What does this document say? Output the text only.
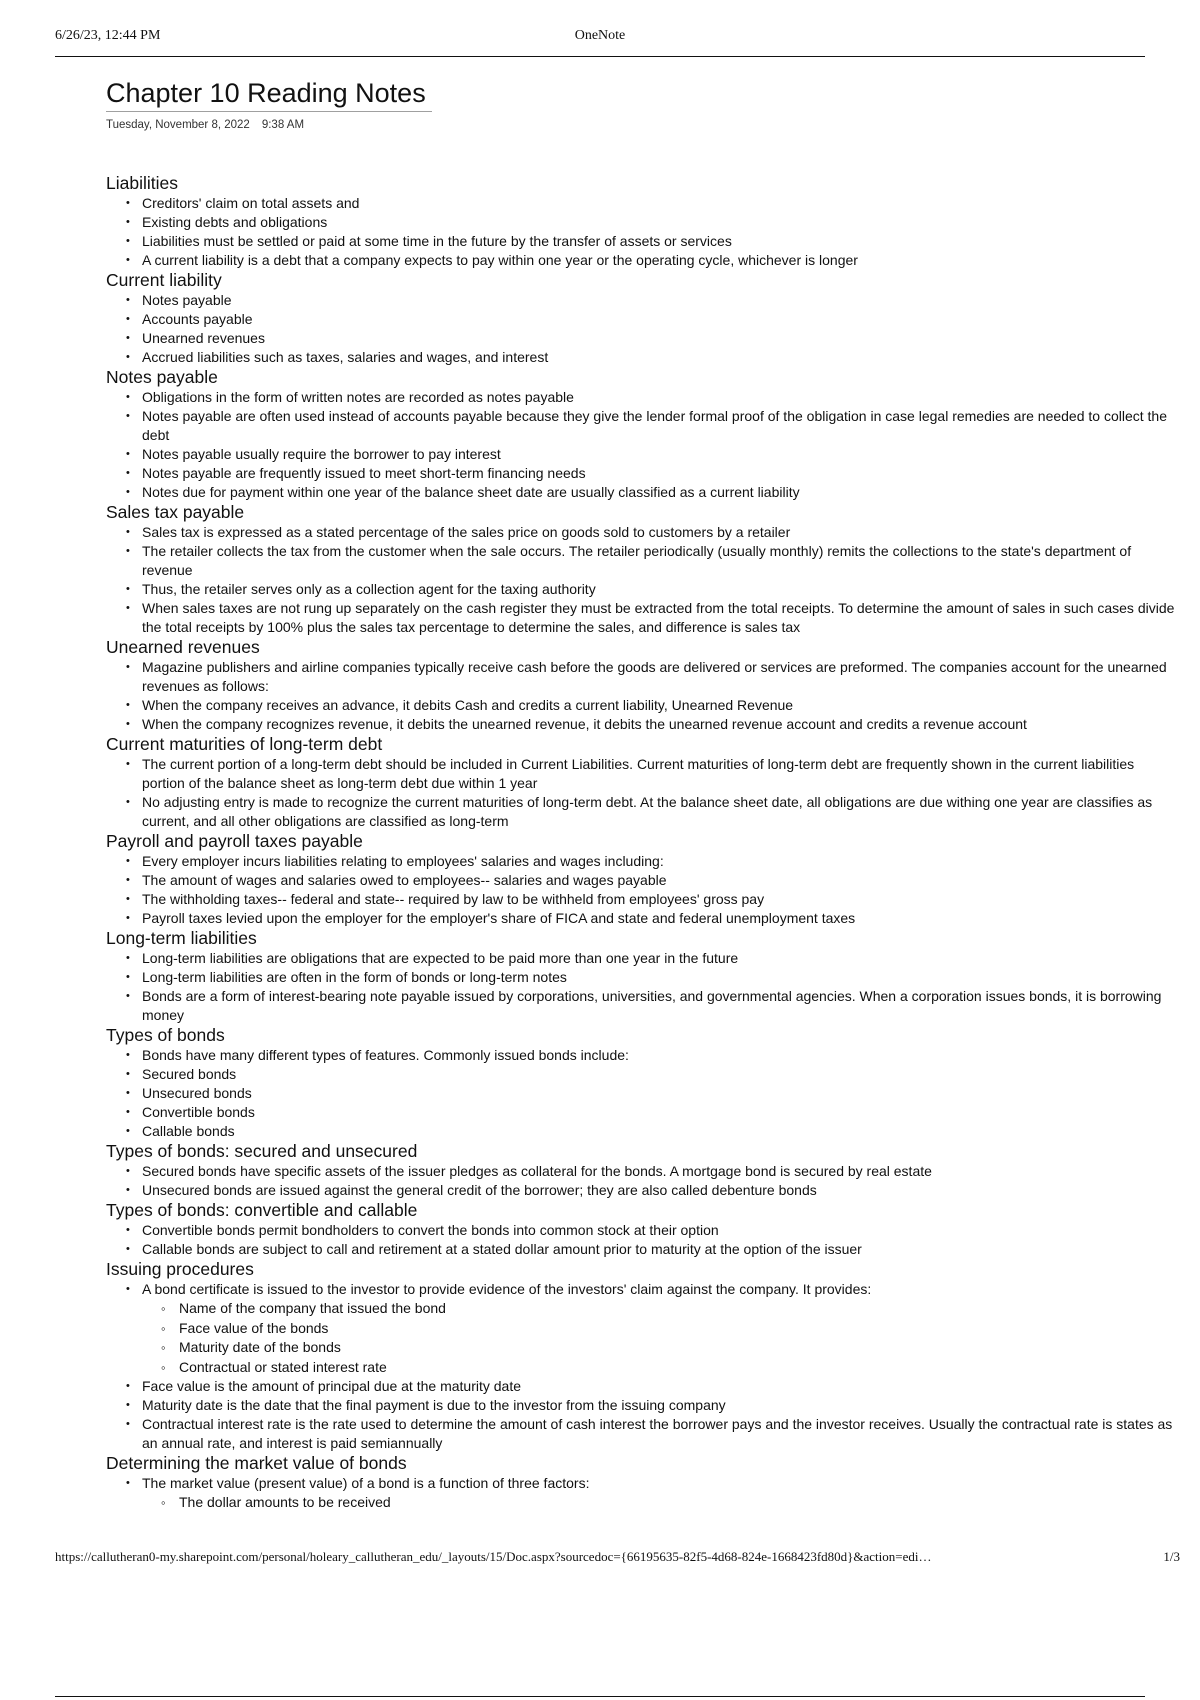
6/26/23, 12:44 PM	OneNote
Chapter 10 Reading Notes
Tuesday, November 8, 2022 9:38 AM
Liabilities
• Creditors' claim on total assets and
• Existing debts and obligations
• Liabilities must be settled or paid at some time in the future by the transfer of assets or services
• A current liability is a debt that a company expects to pay within one year or the operating cycle, whichever is longer
Current liability
• Notes payable
• Accounts payable
• Unearned revenues
• Accrued liabilities such as taxes, salaries and wages, and interest
Notes payable
• Obligations in the form of written notes are recorded as notes payable
• Notes payable are often used instead of accounts payable because they give the lender formal proof of the obligation in case legal remedies are needed to collect the debt
• Notes payable usually require the borrower to pay interest
• Notes payable are frequently issued to meet short-term financing needs
• Notes due for payment within one year of the balance sheet date are usually classified as a current liability
Sales tax payable
• Sales tax is expressed as a stated percentage of the sales price on goods sold to customers by a retailer
• The retailer collects the tax from the customer when the sale occurs. The retailer periodically (usually monthly) remits the collections to the state's department of revenue
• Thus, the retailer serves only as a collection agent for the taxing authority
• When sales taxes are not rung up separately on the cash register they must be extracted from the total receipts. To determine the amount of sales in such cases divide the total receipts by 100% plus the sales tax percentage to determine the sales, and difference is sales tax
Unearned revenues
• Magazine publishers and airline companies typically receive cash before the goods are delivered or services are preformed. The companies account for the unearned revenues as follows:
• When the company receives an advance, it debits Cash and credits a current liability, Unearned Revenue
• When the company recognizes revenue, it debits the unearned revenue, it debits the unearned revenue account and credits a revenue account
Current maturities of long-term debt
• The current portion of a long-term debt should be included in Current Liabilities. Current maturities of long-term debt are frequently shown in the current liabilities portion of the balance sheet as long-term debt due within 1 year
• No adjusting entry is made to recognize the current maturities of long-term debt. At the balance sheet date, all obligations are due withing one year are classifies as current, and all other obligations are classified as long-term
Payroll and payroll taxes payable
• Every employer incurs liabilities relating to employees' salaries and wages including:
• The amount of wages and salaries owed to employees-- salaries and wages payable
• The withholding taxes-- federal and state-- required by law to be withheld from employees' gross pay
• Payroll taxes levied upon the employer for the employer's share of FICA and state and federal unemployment taxes
Long-term liabilities
• Long-term liabilities are obligations that are expected to be paid more than one year in the future
• Long-term liabilities are often in the form of bonds or long-term notes
• Bonds are a form of interest-bearing note payable issued by corporations, universities, and governmental agencies. When a corporation issues bonds, it is borrowing money
Types of bonds
• Bonds have many different types of features. Commonly issued bonds include:
• Secured bonds
• Unsecured bonds
• Convertible bonds
• Callable bonds
Types of bonds: secured and unsecured
• Secured bonds have specific assets of the issuer pledges as collateral for the bonds. A mortgage bond is secured by real estate
• Unsecured bonds are issued against the general credit of the borrower; they are also called debenture bonds
Types of bonds: convertible and callable
• Convertible bonds permit bondholders to convert the bonds into common stock at their option
• Callable bonds are subject to call and retirement at a stated dollar amount prior to maturity at the option of the issuer
Issuing procedures
• A bond certificate is issued to the investor to provide evidence of the investors' claim against the company. It provides:
◦ Name of the company that issued the bond
◦ Face value of the bonds
◦ Maturity date of the bonds
◦ Contractual or stated interest rate
• Face value is the amount of principal due at the maturity date
• Maturity date is the date that the final payment is due to the investor from the issuing company
• Contractual interest rate is the rate used to determine the amount of cash interest the borrower pays and the investor receives. Usually the contractual rate is states as an annual rate, and interest is paid semiannually
Determining the market value of bonds
• The market value (present value) of a bond is a function of three factors:
◦ The dollar amounts to be received
https://callutheran0-my.sharepoint.com/personal/holeary_callutheran_edu/_layouts/15/Doc.aspx?sourcedoc={66195635-82f5-4d68-824e-1668423fd80d}&action=edi…	1/3
